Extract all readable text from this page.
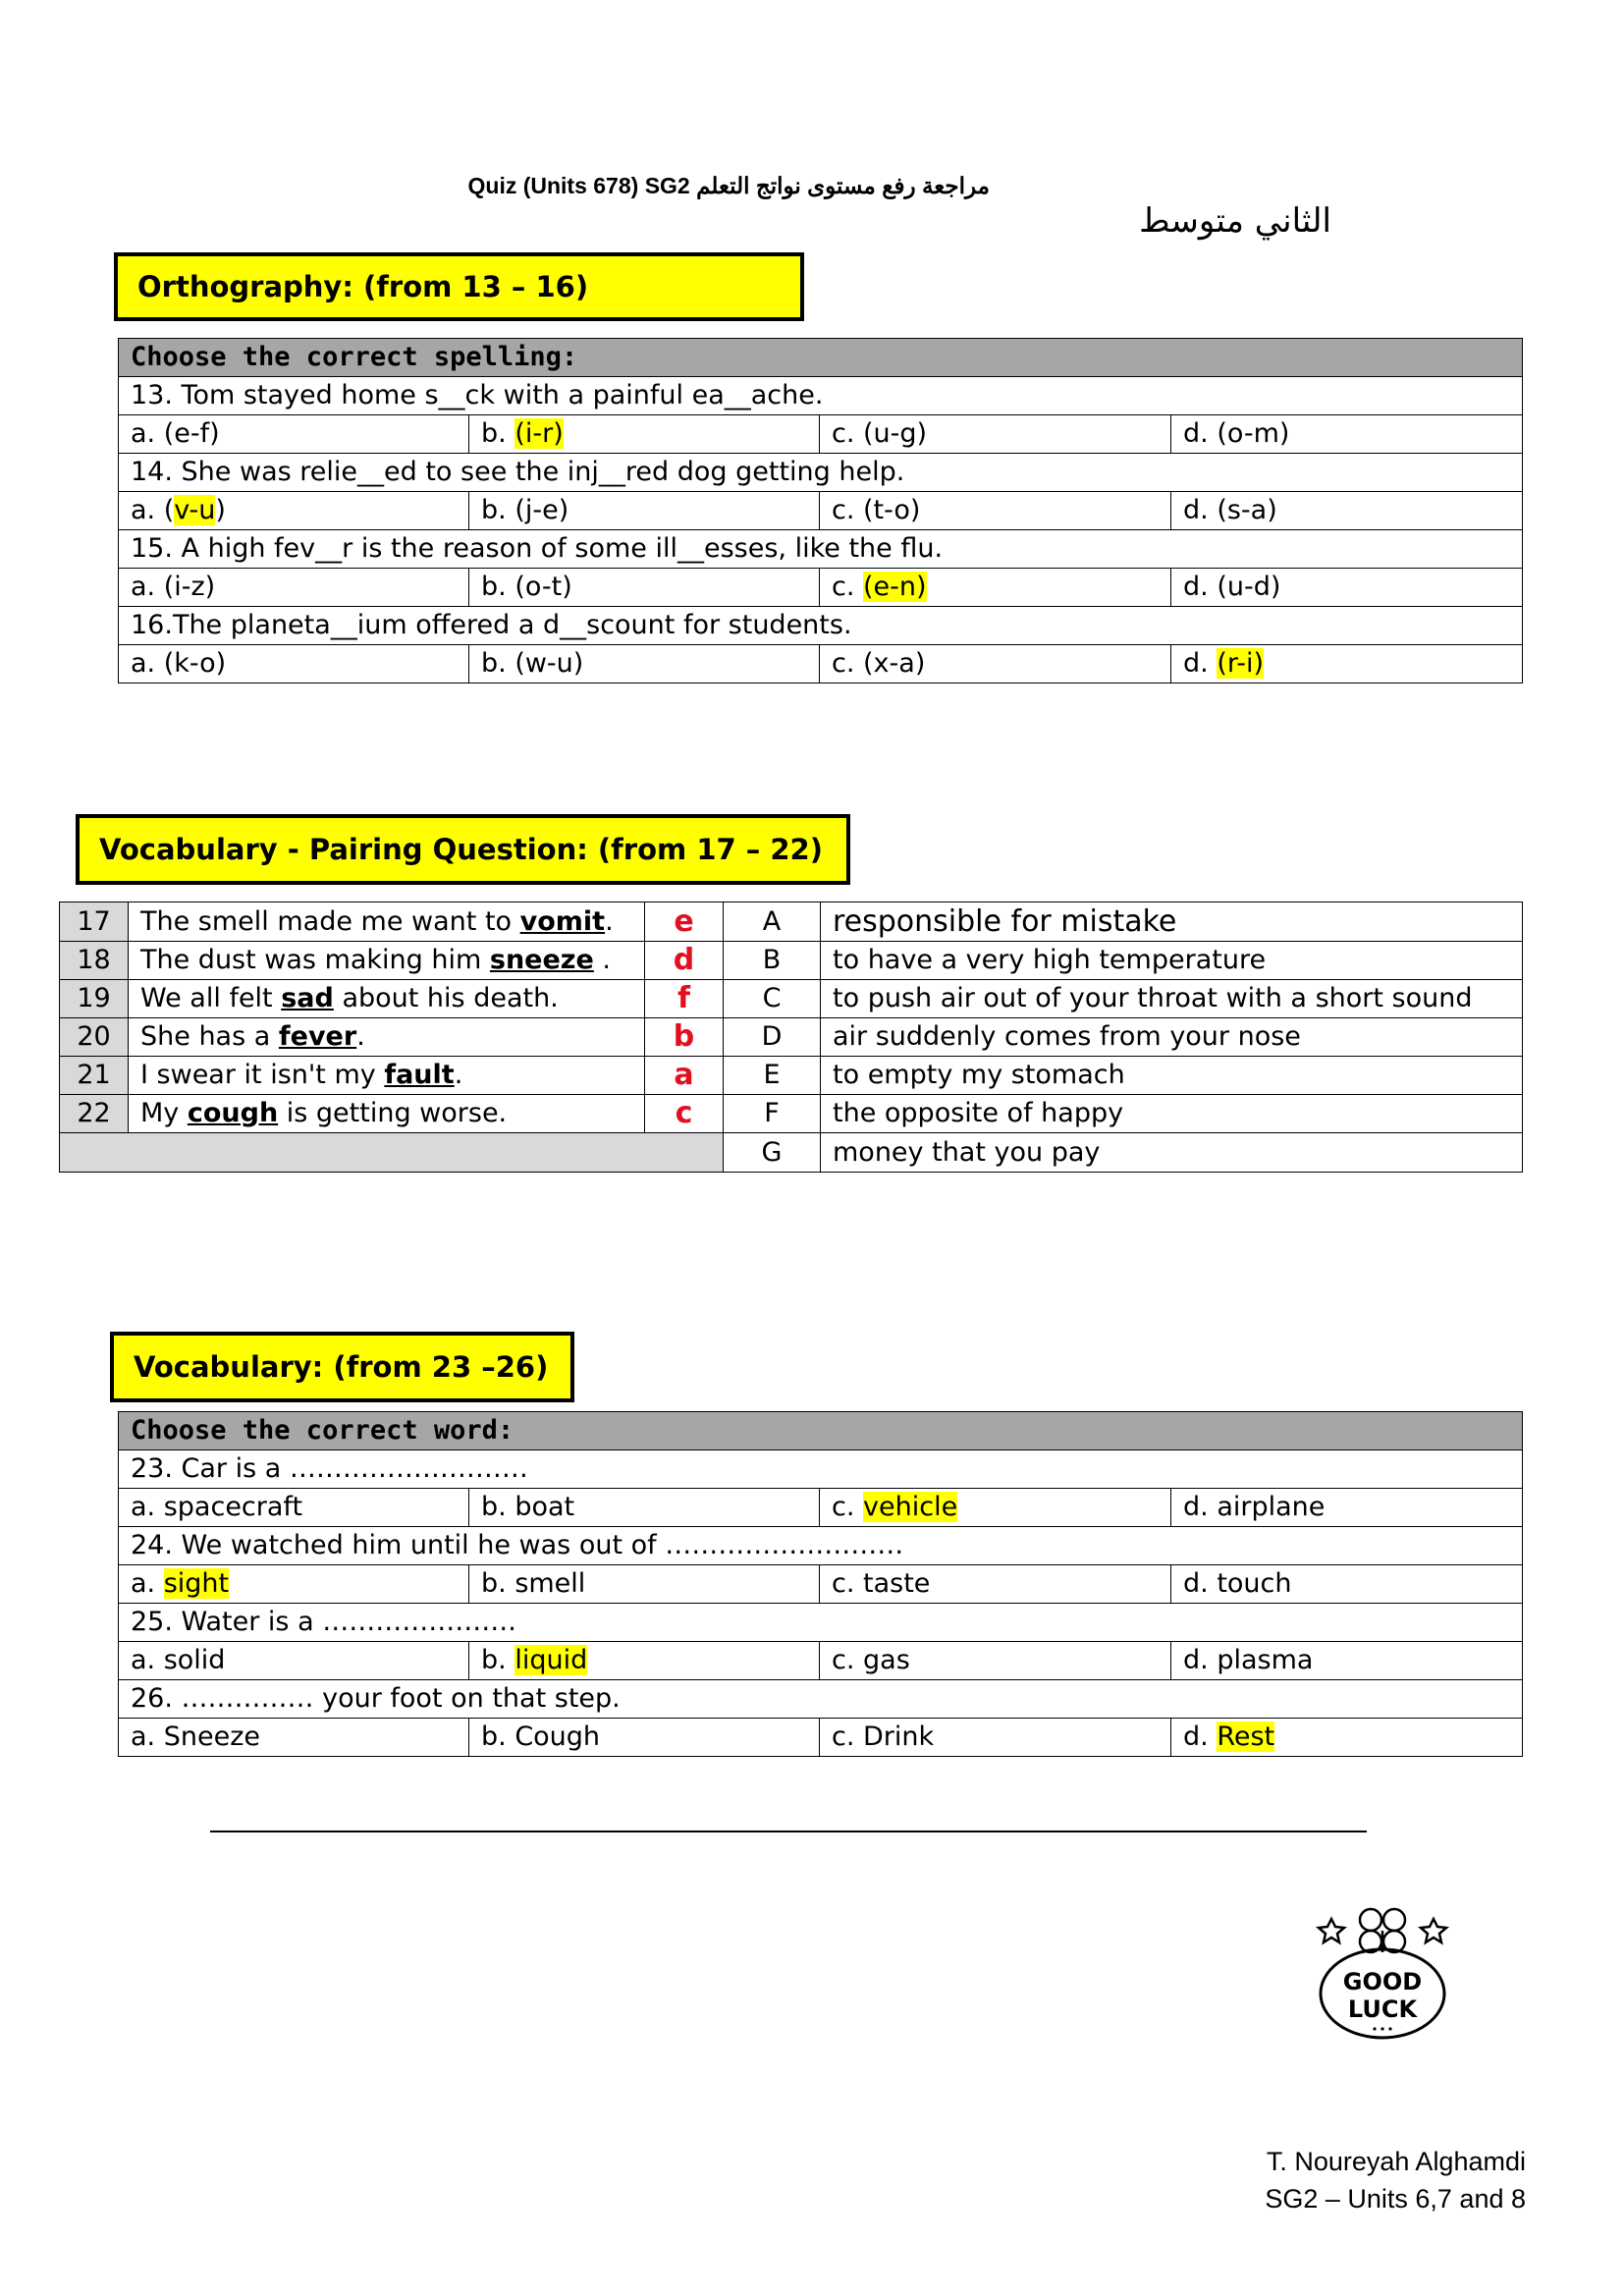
مراجعة رفع مستوى نواتج التعلم Quiz (Units 678) SG2
الثاني متوسط
Orthography: (from 13 – 16)
Choose the correct spelling:			
13. Tom stayed home s__ck with a painful ea__ache.			
a. (e-f)	b. (i-r)	c. (u-g)	d. (o-m)
14. She was relie__ed to see the inj__red dog getting help.			
a. (v-u)	b. (j-e)	c. (t-o)	d. (s-a)
15. A high fev__r is the reason of some ill__esses, like the flu.			
a. (i-z)	b. (o-t)	c. (e-n)	d. (u-d)
16.The planeta__ium offered a d__scount for students.			
a. (k-o)	b. (w-u)	c. (x-a)	d. (r-i)
Vocabulary - Pairing Question: (from 17 – 22)
17	The smell made me want to vomit.	e	A	responsible for mistake
18	The dust was making him sneeze .	d	B	to have a very high temperature
19	We all felt sad about his death.	f	C	to push air out of your throat with a short sound
20	She has a fever.	b	D	air suddenly comes from your nose
21	I swear it isn't my fault.	a	E	to empty my stomach
22	My cough is getting worse.	c	F	the opposite of happy
			G	money that you pay
Vocabulary: (from 23 –26)
Choose the correct word:			
23. Car is a ………………………			
a. spacecraft	b. boat	c. vehicle	d. airplane
24. We watched him until he was out of ………………………			
a. sight	b. smell	c. taste	d. touch
25. Water is a ………………….			
a. solid	b. liquid	c. gas	d. plasma
26. …………… your foot on that step.			
a. Sneeze	b. Cough	c. Drink	d. Rest
GOOD
LUCK
T. Noureyah Alghamdi
SG2 – Units 6,7 and 8
